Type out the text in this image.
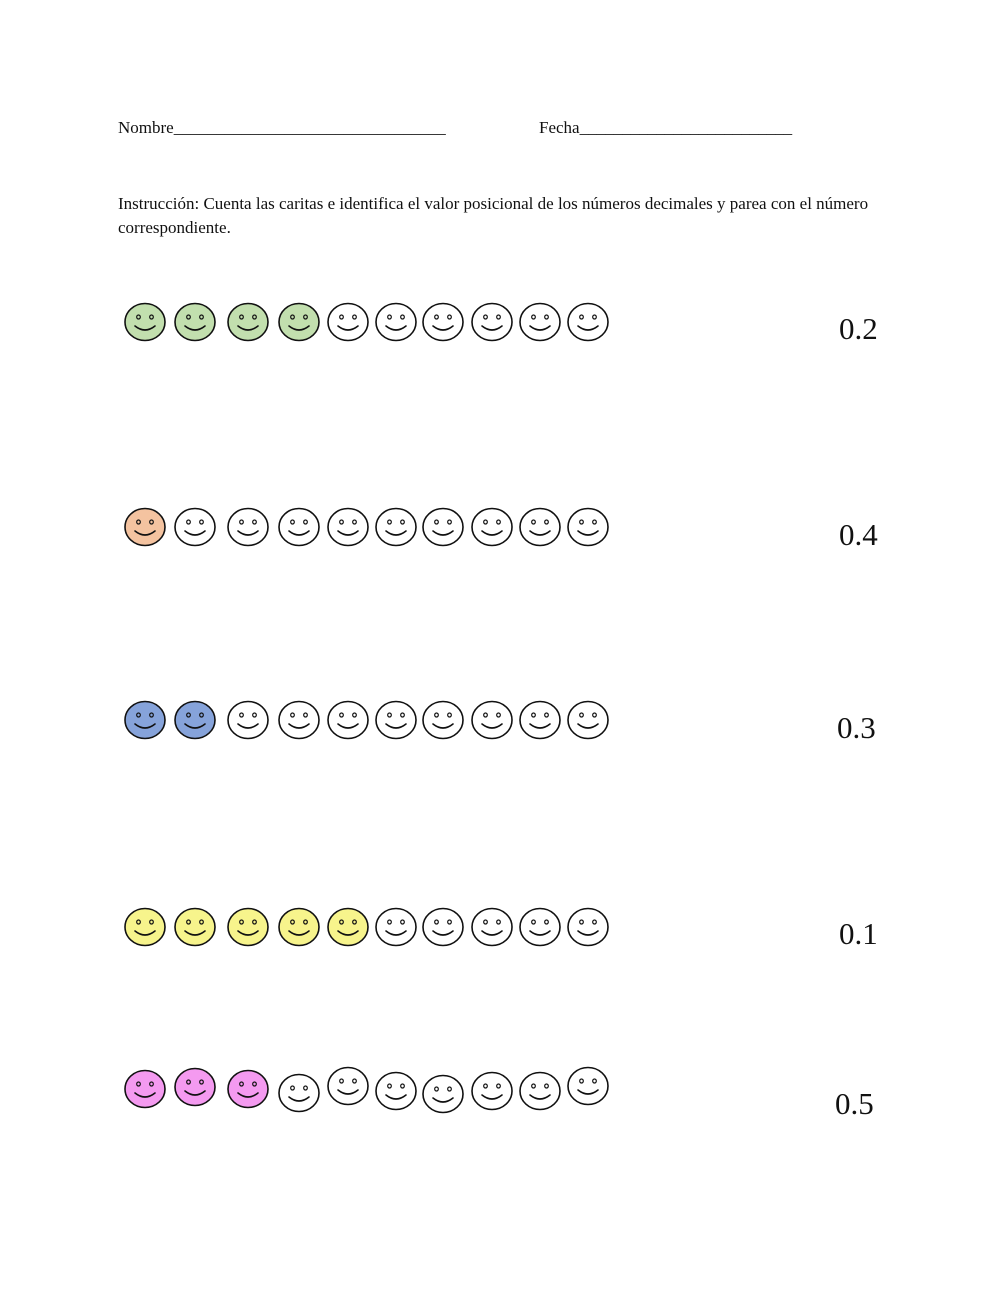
Nombre________________________________	Fecha_________________________
Instrucción: Cuenta las caritas e identifica el valor posicional de los números decimales y parea con el número correspondiente.
0.2
0.4
0.3
0.1
0.5
